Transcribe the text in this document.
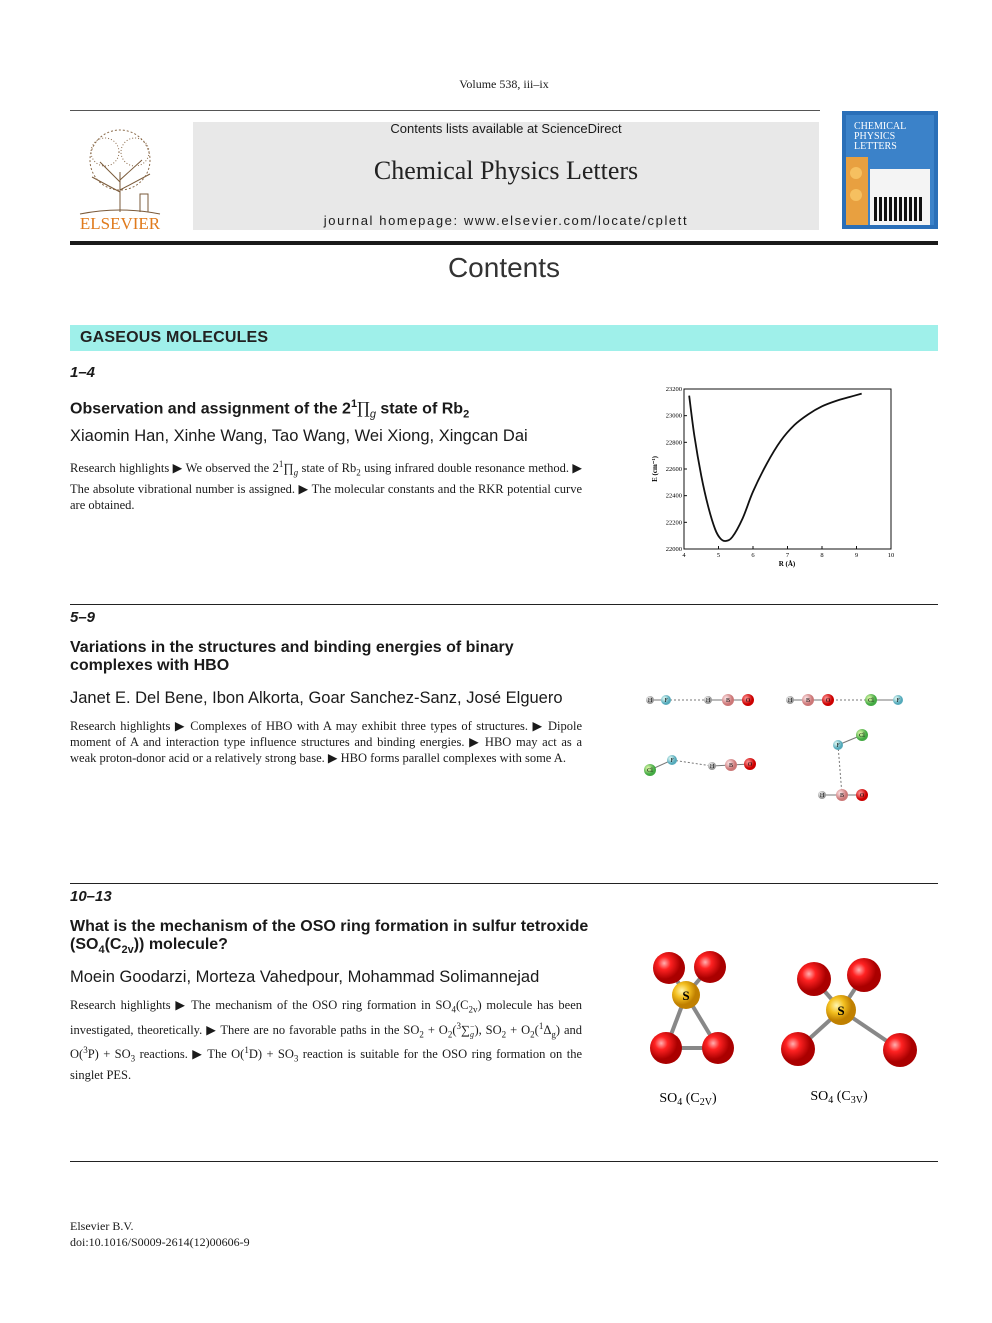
Volume 538, iii–ix
ELSEVIER
Contents lists available at ScienceDirect
Chemical Physics Letters
journal homepage: www.elsevier.com/locate/cplett
CHEMICAL
PHYSICS
LETTERS
Contents
GASEOUS MOLECULES
1–4
Observation and assignment of the $2^1\prod_g$ state of $Rb_2$
Xiaomin Han, Xinhe Wang, Tao Wang, Wei Xiong, Xingcan Dai
Research highlights ▶ We observed the $2^1\prod_g$ state of $Rb_2$ using infrared double resonance method. ▶ The absolute vibrational number is assigned. ▶ The molecular constants and the RKR potential curve are obtained.
4	5	6	7	8	9	10
22000
22200
22400
22600
22800
23000
23200
R (Å)
E (cm⁻¹)
5–9
Variations in the structures and binding energies of binary complexes with HBO
Janet E. Del Bene, Ibon Alkorta, Goar Sanchez-Sanz, José Elguero
Research highlights ▶ Complexes of HBO with A may exhibit three types of structures. ▶ Dipole moment of A and interaction type influence structures and binding energies. ▶ HBO may act as a weak proton-donor acid or a relatively strong base. ▶ HBO forms parallel complexes with some A.
H F	H	B	O	H B	O	Cl	F
Cl
F
H B O
F
Cl
H	B	O
10–13
What is the mechanism of the OSO ring formation in sulfur tetroxide $(SO_4(C_{2v}))$ molecule?
Moein Goodarzi, Morteza Vahedpour, Mohammad Solimannejad
Research highlights ▶ The mechanism of the OSO ring formation in $SO_4(C_{2v})$ molecule has been investigated, theoretically. ▶ There are no favorable paths in the $SO_2 + O_2(^3\sum$ −
g ), $SO_2 + O_2(^1\Delta_g)$ and $O(^3P) + SO_3$ reactions. ▶ The $O(^1D) + SO_3$ reaction is suitable for the OSO ring formation on the singlet PES.
S
S
$SO_4$ $(C_{2V})$	$SO_4$ $(C_{3V})$
Elsevier B.V.
doi:10.1016/S0009-2614(12)00606-9
